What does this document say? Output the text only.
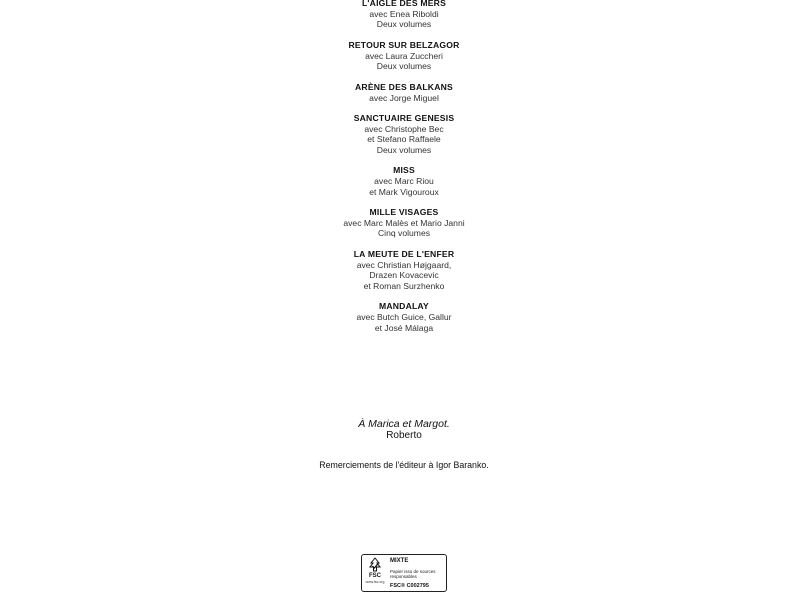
L'AIGLE DES MERS
avec Enea Riboldi
Deux volumes
RETOUR SUR BELZAGOR
avec Laura Zuccheri
Deux volumes
ARÈNE DES BALKANS
avec Jorge Miguel
SANCTUAIRE GENESIS
avec Christophe Bec
et Stefano Raffaele
Deux volumes
MISS
avec Marc Riou
et Mark Vigouroux
MILLE VISAGES
avec Marc Malès et Mario Janni
Cinq volumes
LA MEUTE DE L'ENFER
avec Christian Højgaard,
Drazen Kovacevic
et Roman Surzhenko
MANDALAY
avec Butch Guice, Gallur
et José Málaga
À Marica et Margot.
Roberto
Remerciements de l'éditeur à Igor Baranko.
FSC
www.fsc.org
MIXTE
Papier issu de sources responsables
FSC® C002795
